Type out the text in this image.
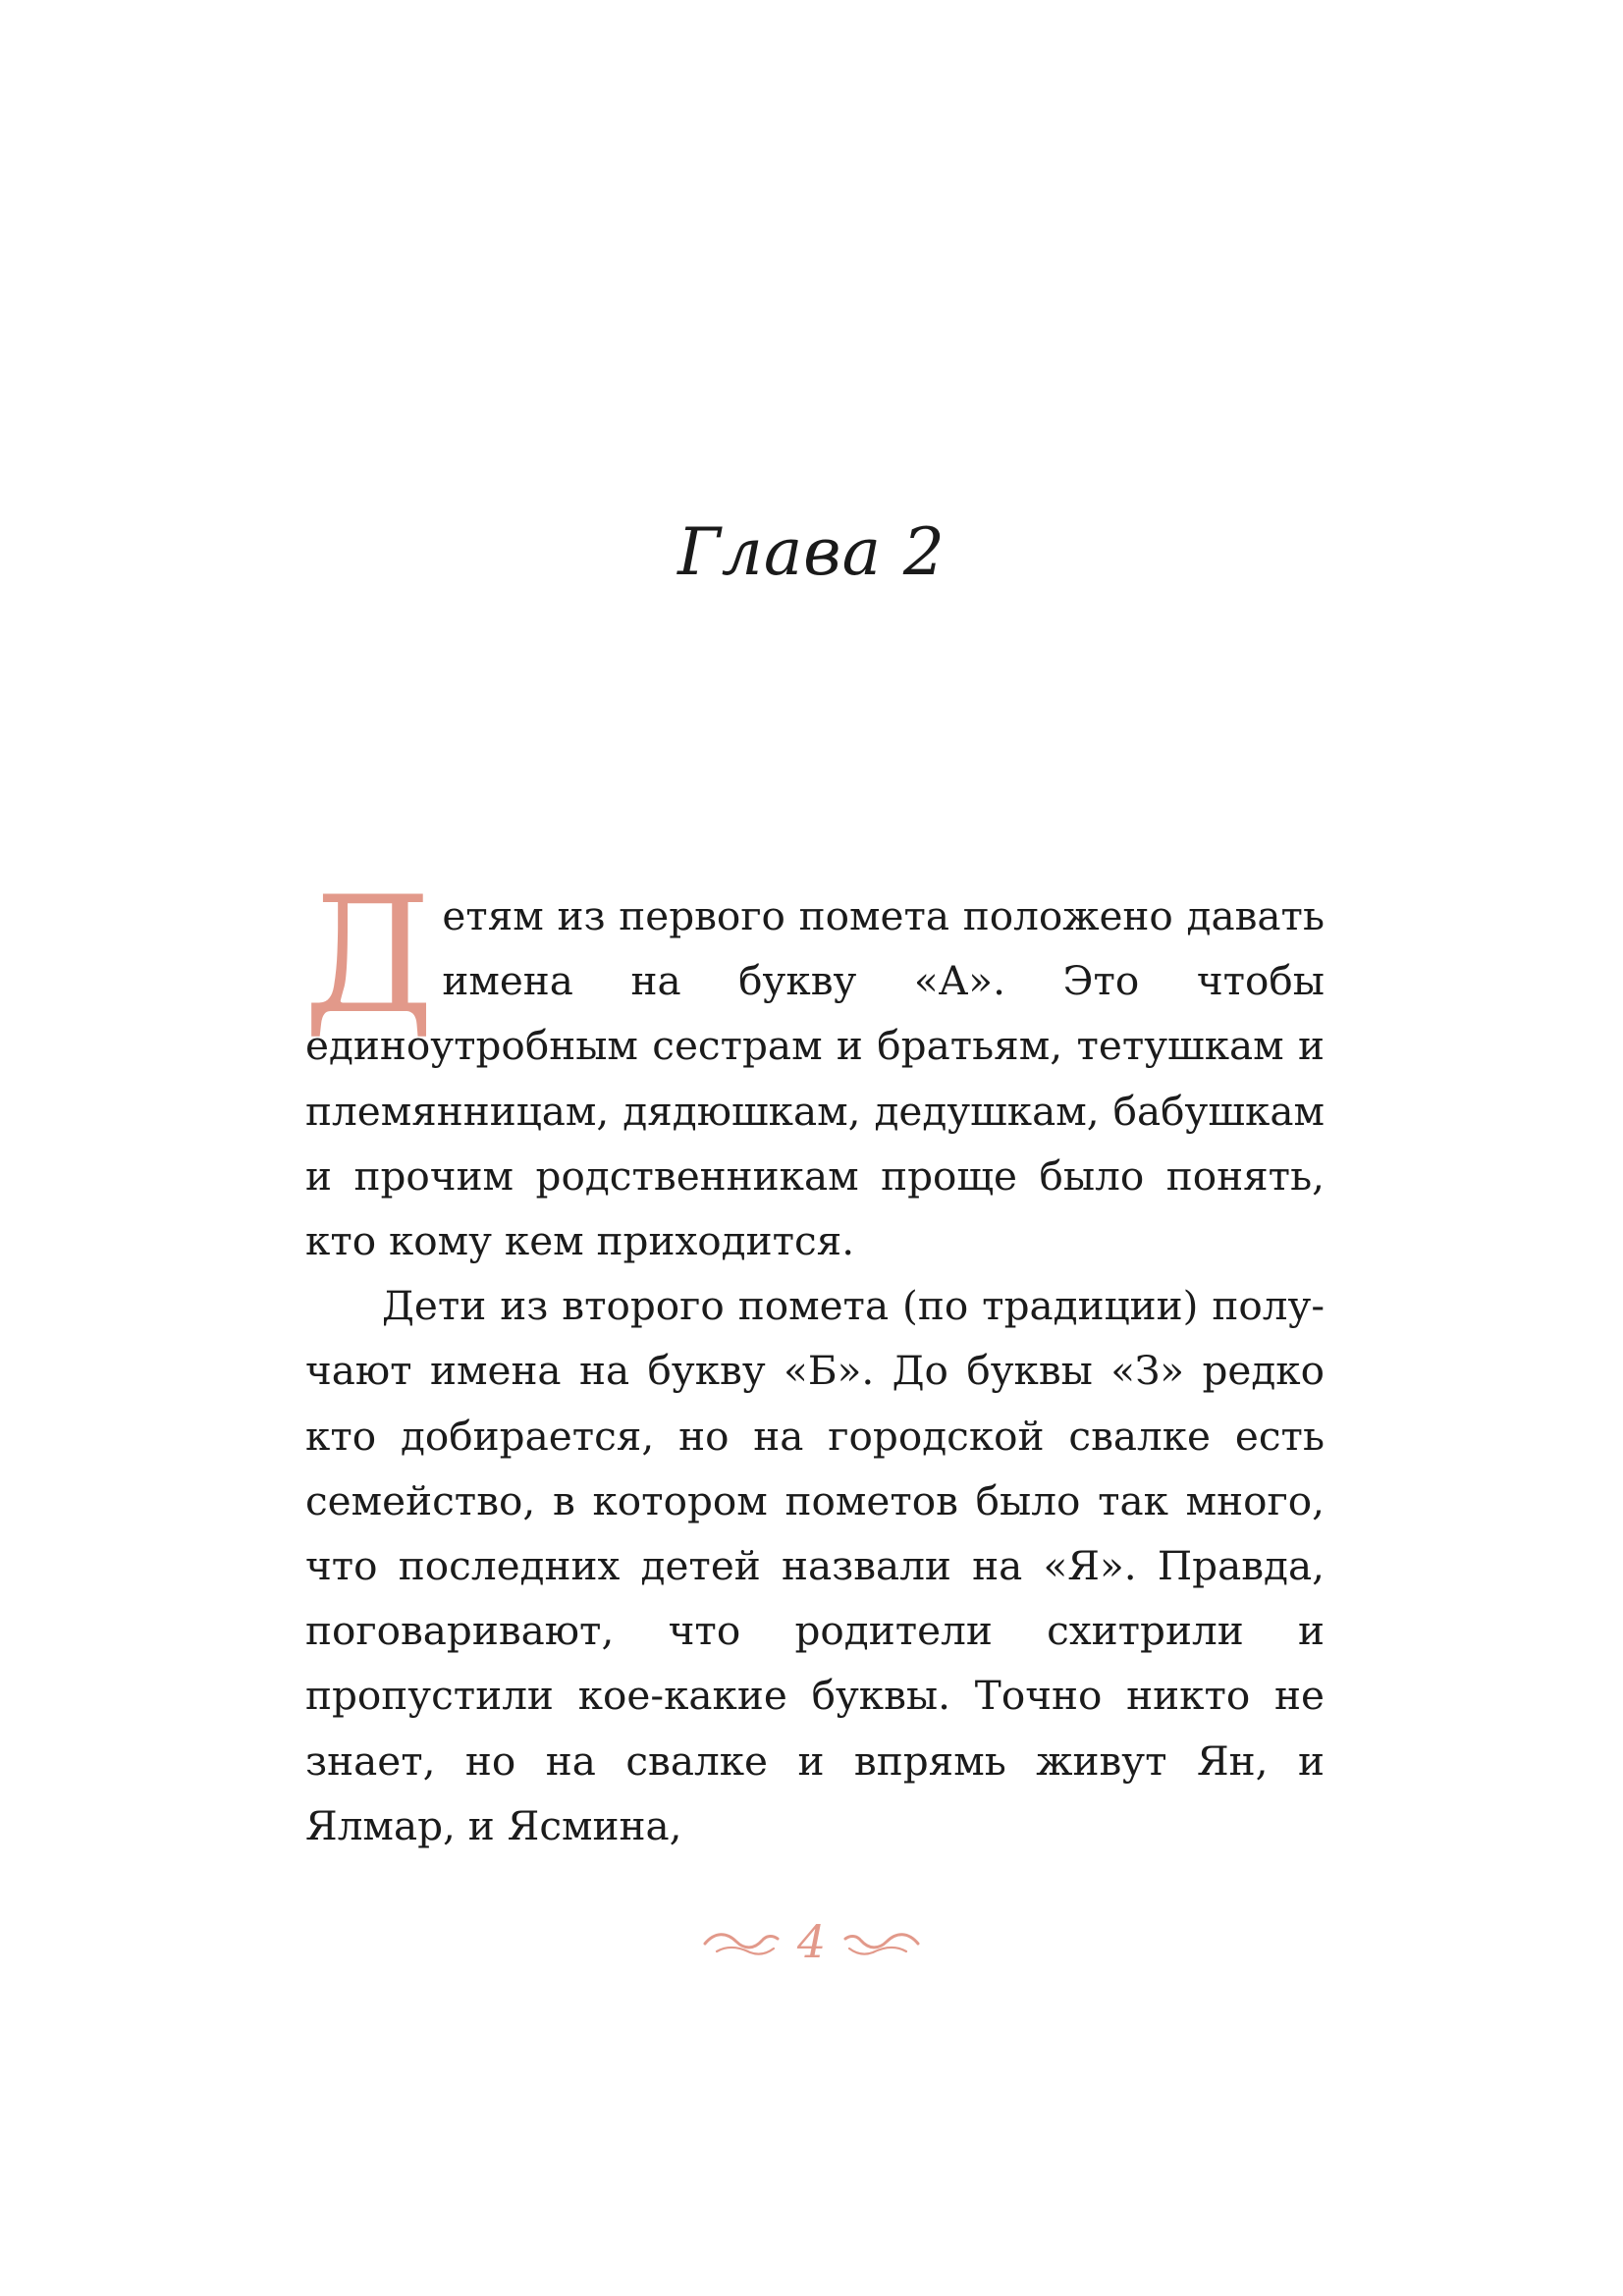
Глава 2

Детям из первого помета положено давать имена на букву «А». Это чтобы единоутробным сестрам и братьям, тетушкам и племянницам, дядюшкам, дедушкам, бабушкам и прочим родственникам проще было понять, кто кому кем приходится.

Дети из второго помета (по традиции) получают имена на букву «Б». До буквы «З» редко кто добирается, но на городской свалке есть семейство, в котором пометов было так много, что последних детей назвали на «Я». Правда, поговаривают, что родители схитрили и пропустили кое-какие буквы. Точно никто не знает, но на свалке и впрямь живут Ян, и Ялмар, и Ясмина,

4
